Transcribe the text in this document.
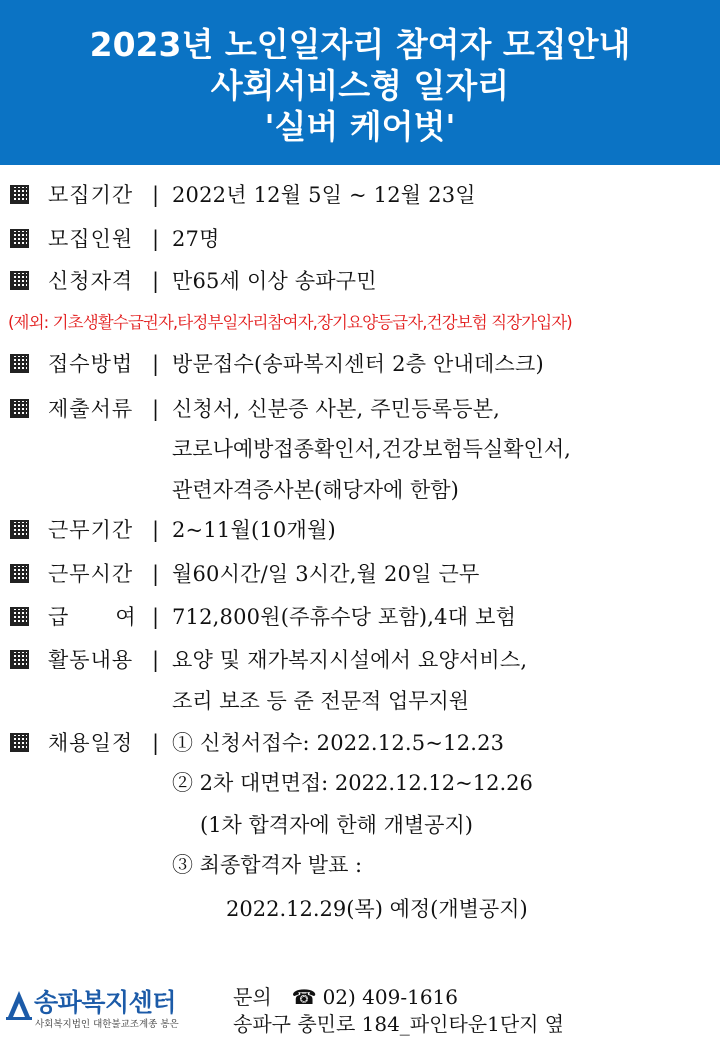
2023년 노인일자리 참여자 모집안내
사회서비스형 일자리
'실버 케어벗'
모집기간 | 2022년 12월 5일 ~ 12월 23일
모집인원 | 27명
신청자격 | 만65세 이상 송파구민
(제외: 기초생활수급권자,타정부일자리참여자,장기요양등급자,건강보험 직장가입자)
접수방법 | 방문접수(송파복지센터 2층 안내데스크)
제출서류 | 신청서, 신분증 사본, 주민등록등본,
코로나예방접종확인서,건강보험득실확인서,
관련자격증사본(해당자에 한함)
근무기간 | 2~11월(10개월)
근무시간 | 월60시간/일 3시간,월 20일 근무
급      여 | 712,800원(주휴수당 포함),4대 보험
활동내용 | 요양 및 재가복지시설에서 요양서비스,
조리 보조 등 준 전문적 업무지원
채용일정 | ① 신청서접수: 2022.12.5~12.23
② 2차 대면면접: 2022.12.12~12.26
(1차 합격자에 한해 개별공지)
③ 최종합격자 발표 :
2022.12.29(목) 예정(개별공지)
송파복지센터
사회복지법인 대한불교조계종 봉은
문의 ☎ 02) 409-1616
송파구 충민로 184_파인타운1단지 옆
